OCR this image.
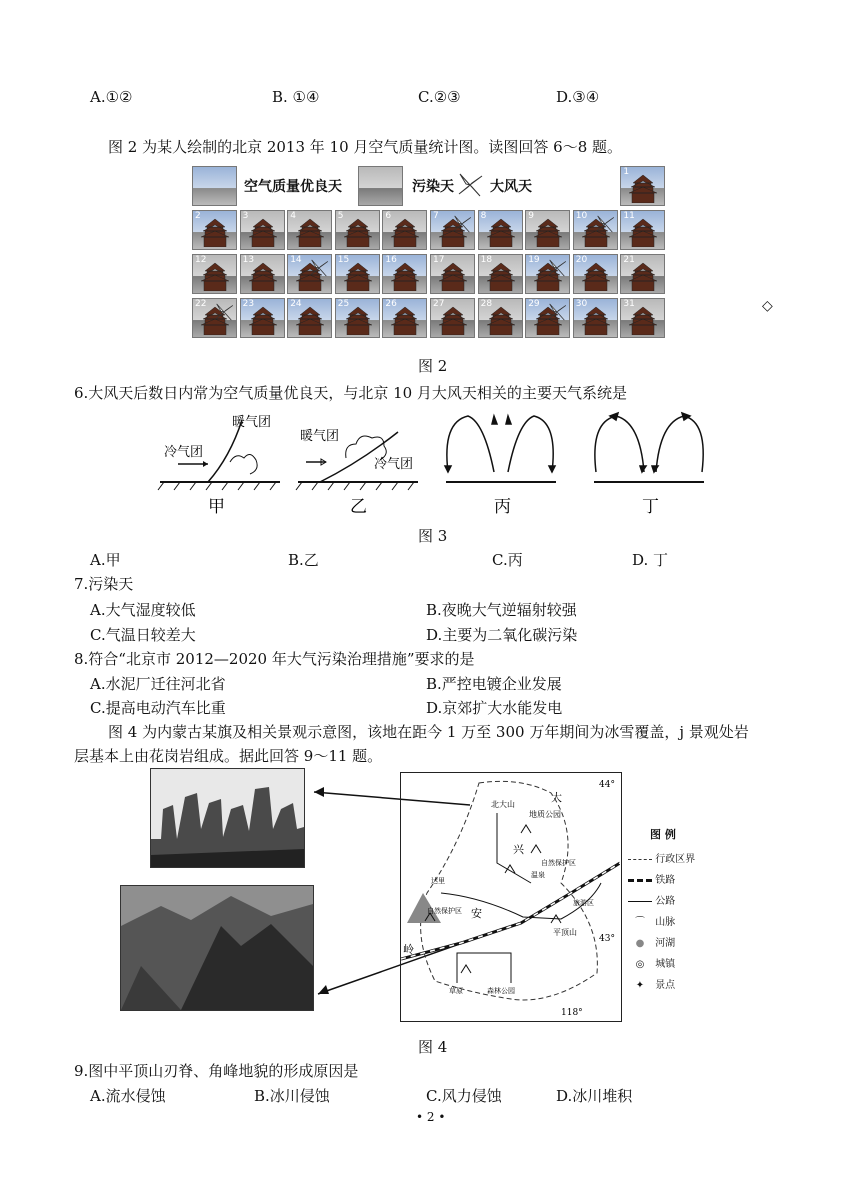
A.①②	B. ①④	C.②③	D.③④
图 2 为某人绘制的北京 2013 年 10 月空气质量统计图。读图回答 6～8 题。
空气质量优良天	污染天	大风天
1
2	3	4	5	6	7	8	9	10	11
12	13	14	15	16	17	18	19	20	21
22	23	24	25	26	27	28	29	30	31	◇
图 2
6.大风天后数日内常为空气质量优良天，与北京 10 月大风天相关的主要天气系统是
冷气团
暖气团
甲
暖气团
冷气团
乙	丙	丁
图 3
A.甲	B.乙	C.丙	D. 丁
7.污染天
A.大气湿度较低	B.夜晚大气逆辐射较强
C.气温日较差大	D.主要为二氧化碳污染
8.符合“北京市 2012—2020 年大气污染治理措施”要求的是
A.水泥厂迁往河北省	B.严控电镀企业发展
C.提高电动汽车比重	D.京郊扩大水能发电
图 4 为内蒙古某旗及相关景观示意图，该地在距今 1 万至 300 万年期间为冰雪覆盖，j 景观处岩
层基本上由花岗岩组成。据此回答 9～11 题。
44°
43°
118°
北大山
地质公园
大
兴
自然保护区
温泉
达里
自然保护区 安
旅游区
平顶山
岭
草原	森林公园
图 例
行政区界
铁路
公路
⌒ 山脉
● 河湖
◎ 城镇
✦ 景点
图 4
9.图中平顶山刃脊、角峰地貌的形成原因是
A.流水侵蚀	B.冰川侵蚀	C.风力侵蚀	D.冰川堆积
• 2 •
